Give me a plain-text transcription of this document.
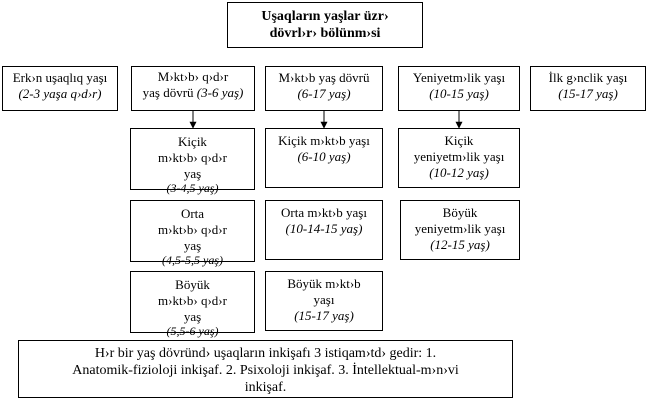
Uşaqların yaşlar üzr›
dövrl›r› bölünm›si
Erk›n uşaqlıq yaşı
(2-3 yaşa q›d›r)
M›kt›b› q›d›r
yaş dövrü (3-6 yaş)
M›kt›b yaş dövrü
(6-17 yaş)
Yeniyetm›lik yaşı
(10-15 yaş)
İlk g›nclik yaşı
(15-17 yaş)
Kiçik
m›kt›b› q›d›r
yaş
(3-4,5 yaş)
Orta
m›kt›b› q›d›r
yaş
(4,5-5,5 yaş)
Böyük
m›kt›b› q›d›r
yaş
(5,5-6 yaş)
Kiçik m›kt›b yaşı
(6-10 yaş)
Orta m›kt›b yaşı
(10-14-15 yaş)
Böyük m›kt›b
yaşı
(15-17 yaş)
Kiçik
yeniyetm›lik yaşı
(10-12 yaş)
Böyük
yeniyetm›lik yaşı
(12-15 yaş)
H›r bir yaş dövründ› uşaqların inkişafı 3 istiqam›td› gedir: 1.
Anatomik-fizioloji inkişaf. 2. Psixoloji inkişaf. 3. İntellektual-m›n›vi
inkişaf.
